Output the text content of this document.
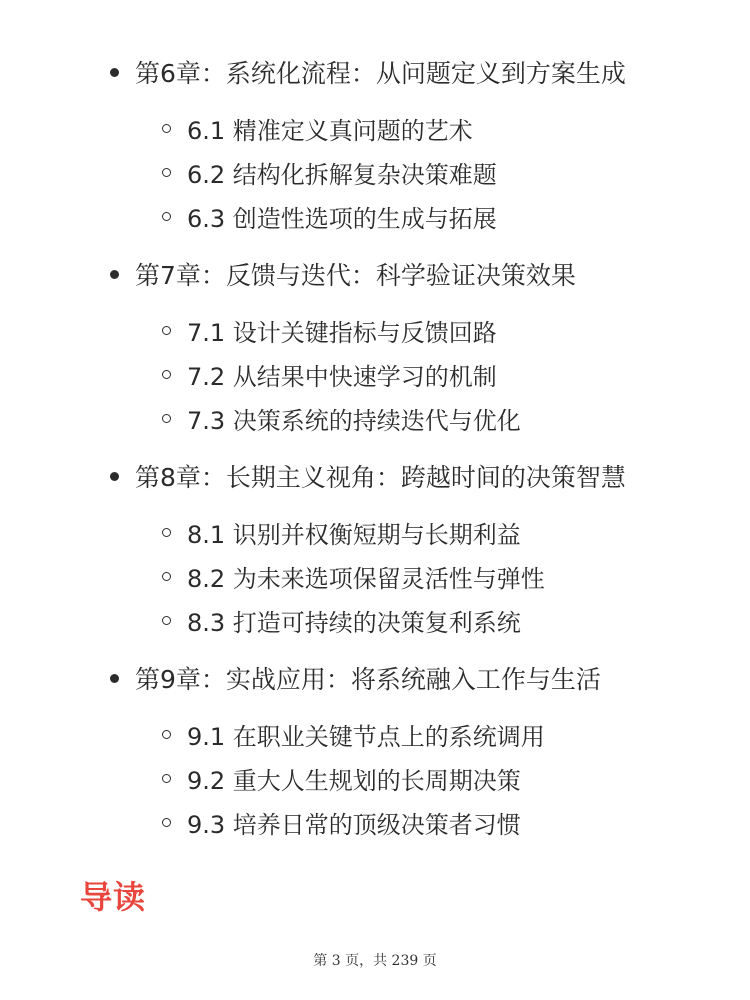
第6章：系统化流程：从问题定义到方案生成
6.1 精准定义真问题的艺术
6.2 结构化拆解复杂决策难题
6.3 创造性选项的生成与拓展
第7章：反馈与迭代：科学验证决策效果
7.1 设计关键指标与反馈回路
7.2 从结果中快速学习的机制
7.3 决策系统的持续迭代与优化
第8章：长期主义视角：跨越时间的决策智慧
8.1 识别并权衡短期与长期利益
8.2 为未来选项保留灵活性与弹性
8.3 打造可持续的决策复利系统
第9章：实战应用：将系统融入工作与生活
9.1 在职业关键节点上的系统调用
9.2 重大人生规划的长周期决策
9.3 培养日常的顶级决策者习惯
导读
第 3 页，共 239 页
